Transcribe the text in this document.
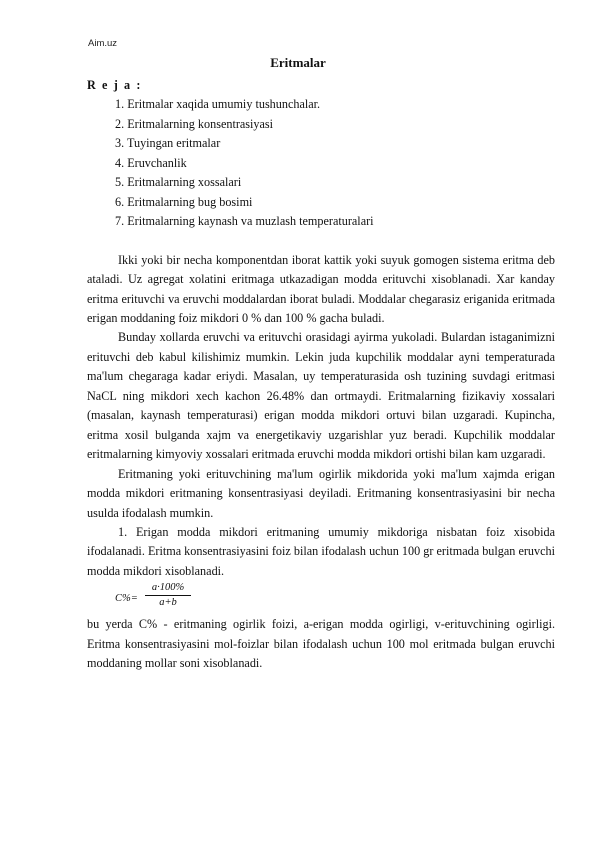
Aim.uz
Eritmalar
R e j a :
1. Eritmalar xaqida umumiy tushunchalar.
2. Eritmalarning konsentrasiyasi
3. Tuyingan eritmalar
4. Eruvchanlik
5. Eritmalarning xossalari
6. Eritmalarning bug bosimi
7. Eritmalarning kaynash va muzlash temperaturalari

Ikki yoki bir necha komponentdan iborat kattik yoki suyuk gomogen sistema eritma deb ataladi. Uz agregat xolatini eritmaga utkazadigan modda erituvchi xisoblanadi. Xar kanday eritma erituvchi va eruvchi moddalardan iborat buladi. Moddalar chegarasiz eriganida eritmada erigan moddaning foiz mikdori 0 % dan 100 % gacha buladi.

Bunday xollarda eruvchi va erituvchi orasidagi ayirma yukoladi. Bulardan istaganimizni erituvchi deb kabul kilishimiz mumkin. Lekin juda kupchilik moddalar ayni temperaturada ma'lum chegaraga kadar eriydi. Masalan, uy temperaturasida osh tuzining suvdagi eritmasi NaCL ning mikdori xech kachon 26.48% dan ortmaydi. Eritmalarning fizikaviy xossalari (masalan, kaynash temperaturasi) erigan modda mikdori ortuvi bilan uzgaradi. Kupincha, eritma xosil bulganda xajm va energetikaviy uzgarishlar yuz beradi. Kupchilik moddalar eritmalarning kimyoviy xossalari eritmada eruvchi modda mikdori ortishi bilan kam uzgaradi.

Eritmaning yoki erituvchining ma'lum ogirlik mikdorida yoki ma'lum xajmda erigan modda mikdori eritmaning konsentrasiyasi deyiladi. Eritmaning konsentrasiyasini bir necha usulda ifodalash mumkin.

1. Erigan modda mikdori eritmaning umumiy mikdoriga nisbatan foiz xisobida ifodalanadi. Eritma konsentrasiyasini foiz bilan ifodalash uchun 100 gr eritmada bulgan eruvchi modda mikdori xisoblanadi.

$C\%= \frac{a\cdot 100\%}{a+b}$

bu yerda C% - eritmaning ogirlik foizi, a-erigan modda ogirligi, v-erituvchining ogirligi. Eritma konsentrasiyasini mol-foizlar bilan ifodalash uchun 100 mol eritmada bulgan eruvchi moddaning mollar soni xisoblanadi.
